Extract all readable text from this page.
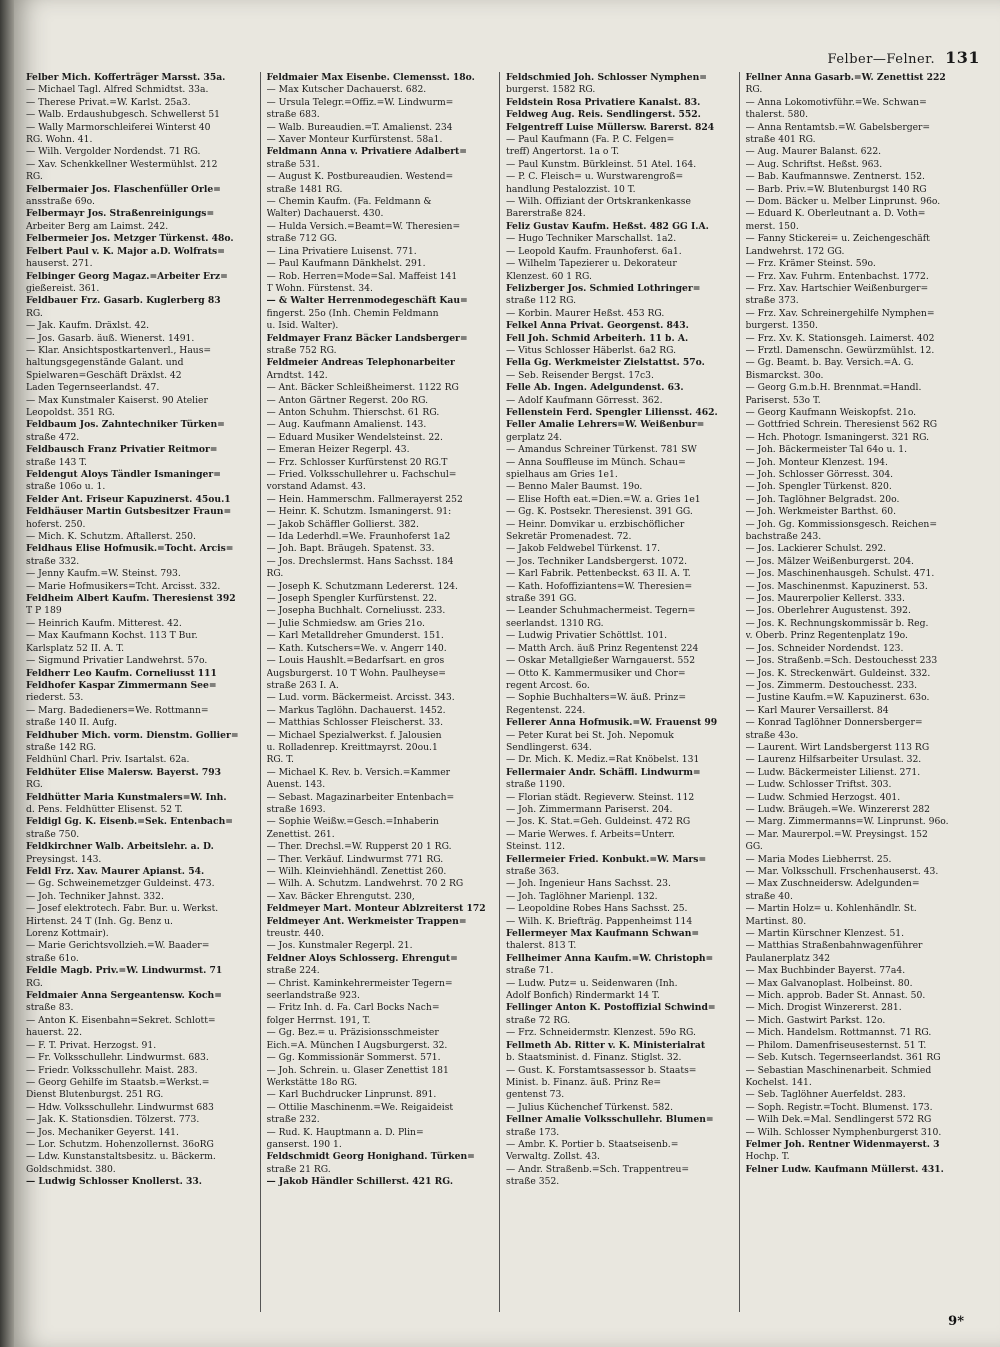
Felber—Felner. 131
Felber Mich. Kofferträger Marsst. 35a.
— Michael Tagl. Alfred Schmidtst. 33a.
— Therese Privat.=W. Karlst. 25a3.
— Walb. Erdaushubgesch. Schwellerst 51
— Wally Marmorschleiferei Winterst 40
RG. Wohn. 41.
— Wilh. Vergolder Nordendst. 71 RG.
— Xav. Schenkkellner Westermühlst. 212
RG.
Felbermaier Jos. Flaschenfüller Orle=
ansstraße 69o.
Felbermayr Jos. Straßenreinigungs=
Arbeiter Berg am Laimst. 242.
Felbermeier Jos. Metzger Türkenst. 48o.
Felbert Paul v. K. Major a.D. Wolfrats=
hauserst. 271.
Felbinger Georg Magaz.=Arbeiter Erz=
gießereist. 361.
Feldbauer Frz. Gasarb. Kuglerberg 83
RG.
— Jak. Kaufm. Dräxlst. 42.
— Jos. Gasarb. äuß. Wienerst. 1491.
— Klar. Ansichtspostkartenverl., Haus=
haltungsgegenstände Galant. und
Spielwaren=Geschäft Dräxlst. 42
Laden Tegernseerlandst. 47.
— Max Kunstmaler Kaiserst. 90 Atelier
Leopoldst. 351 RG.
Feldbaum Jos. Zahntechniker Türken=
straße 472.
Feldbausch Franz Privatier Reitmor=
straße 143 T.
Feldengut Aloys Tändler Ismaninger=
straße 106o u. 1.
Felder Ant. Friseur Kapuzinerst. 45ou.1
Feldhäuser Martin Gutsbesitzer Fraun=
hoferst. 250.
— Mich. K. Schutzm. Aftallerst. 250.
Feldhaus Elise Hofmusik.=Tocht. Arcis=
straße 332.
— Jenny Kaufm.=W. Steinst. 793.
— Marie Hofmusikers=Tcht. Arcisst. 332.
Feldheim Albert Kaufm. Theresienst 392
T P 189
— Heinrich Kaufm. Mitterest. 42.
— Max Kaufmann Kochst. 113 T Bur.
Karlsplatz 52 II. A. T.
— Sigmund Privatier Landwehrst. 57o.
Feldherr Leo Kaufm. Corneliusst 111
Feldhofer Kaspar Zimmermann See=
riederst. 53.
— Marg. Badedieners=We. Rottmann=
straße 140 II. Aufg.
Feldhuber Mich. vorm. Dienstm. Gollier=
straße 142 RG.
Feldhünl Charl. Priv. Isartalst. 62a.
Feldhüter Elise Malersw. Bayerst. 793
RG.
Feldhütter Maria Kunstmalers=W. Inh.
d. Pens. Feldhütter Elisenst. 52 T.
Feldigl Gg. K. Eisenb.=Sek. Entenbach=
straße 750.
Feldkirchner Walb. Arbeitslehr. a. D.
Preysingst. 143.
Feldl Frz. Xav. Maurer Apianst. 54.
— Gg. Schweinemetzger Guldeinst. 473.
— Joh. Techniker Jahnst. 332.
— Josef elektrotech. Fabr. Bur. u. Werkst.
Hirtenst. 24 T (Inh. Gg. Benz u.
Lorenz Kottmair).
— Marie Gerichtsvollzieh.=W. Baader=
straße 61o.
Feldle Magb. Priv.=W. Lindwurmst. 71
RG.
Feldmaier Anna Sergeantensw. Koch=
straße 83.
— Anton K. Eisenbahn=Sekret. Schlott=
hauerst. 22.
— F. T. Privat. Herzogst. 91.
— Fr. Volksschullehr. Lindwurmst. 683.
— Friedr. Volksschullehr. Maist. 283.
— Georg Gehilfe im Staatsb.=Werkst.=
Dienst Blutenburgst. 251 RG.
— Hdw. Volksschullehr. Lindwurmst 683
— Jak. K. Stationsdien. Tölzerst. 773.
— Jos. Mechaniker Geyerst. 141.
— Lor. Schutzm. Hohenzollernst. 36oRG
— Ldw. Kunstanstaltsbesitz. u. Bäckerm.
Goldschmidst. 380.
— Ludwig Schlosser Knollerst. 33.
Feldmaier Max Eisenbe. Clemensst. 18o.
— Max Kutscher Dachauerst. 682.
— Ursula Telegr.=Offiz.=W. Lindwurm=
straße 683.
— Walb. Bureaudien.=T. Amalienst. 234
— Xaver Monteur Kurfürstenst. 58a1.
Feldmann Anna v. Privatiere Adalbert=
straße 531.
— August K. Postbureaudien. Westend=
straße 1481 RG.
— Chemin Kaufm. (Fa. Feldmann &
Walter) Dachauerst. 430.
— Hulda Versich.=Beamt=W. Theresien=
straße 712 GG.
— Lina Privatiere Luisenst. 771.
— Paul Kaufmann Dänkhelst. 291.
— Rob. Herren=Mode=Sal. Maffeist 141
T Wohn. Fürstenst. 34.
— & Walter Herrenmodegeschäft Kau=
fingerst. 25o (Inh. Chemin Feldmann
u. Isid. Walter).
Feldmayer Franz Bäcker Landsberger=
straße 752 RG.
Feldmeier Andreas Telephonarbeiter
Arndtst. 142.
— Ant. Bäcker Schleißheimerst. 1122 RG
— Anton Gärtner Regerst. 20o RG.
— Anton Schuhm. Thierschst. 61 RG.
— Aug. Kaufmann Amalienst. 143.
— Eduard Musiker Wendelsteinst. 22.
— Emeran Heizer Regerpl. 43.
— Frz. Schlosser Kurfürstenst 20 RG.T
— Fried. Volksschullehrer u. Fachschul=
vorstand Adamst. 43.
— Hein. Hammerschm. Fallmerayerst 252
— Heinr. K. Schutzm. Ismaningerst. 91:
— Jakob Schäffler Gollierst. 382.
— Ida Lederhdl.=We. Fraunhoferst 1a2
— Joh. Bapt. Bräugeh. Spatenst. 33.
— Jos. Drechslermst. Hans Sachsst. 184
RG.
— Joseph K. Schutzmann Ledererst. 124.
— Joseph Spengler Kurfürstenst. 22.
— Josepha Buchhalt. Corneliusst. 233.
— Julie Schmiedsw. am Gries 21o.
— Karl Metalldreher Gmunderst. 151.
— Kath. Kutschers=We. v. Angerr 140.
— Louis Haushlt.=Bedarfsart. en gros
Augsburgerst. 10 T Wohn. Paulheyse=
straße 263 I. A.
— Lud. vorm. Bäckermeist. Arcisst. 343.
— Markus Taglöhn. Dachauerst. 1452.
— Matthias Schlosser Fleischerst. 33.
— Michael Spezialwerkst. f. Jalousien
u. Rolladenrep. Kreittmayrst. 20ou.1
RG. T.
— Michael K. Rev. b. Versich.=Kammer
Auenst. 143.
— Sebast. Magazinarbeiter Entenbach=
straße 1693.
— Sophie Weißw.=Gesch.=Inhaberin
Zenettist. 261.
— Ther. Drechsl.=W. Rupperst 20 1 RG.
— Ther. Verkäuf. Lindwurmst 771 RG.
— Wilh. Kleinviehhändl. Zenettist 260.
— Wilh. A. Schutzm. Landwehrst. 70 2 RG
— Xav. Bäcker Ehrengutst. 230,
Feldmeyer Mart. Monteur Ablzreiterst 172
Feldmeyer Ant. Werkmeister Trappen=
treustr. 440.
— Jos. Kunstmaler Regerpl. 21.
Feldner Aloys Schlosserg. Ehrengut=
straße 224.
— Christ. Kaminkehrermeister Tegern=
seerlandstraße 923.
— Fritz Inh. d. Fa. Carl Bocks Nach=
folger Herrnst. 191, T.
— Gg. Bez.= u. Präzisionsschmeister
Eich.=A. München I Augsburgerst. 32.
— Gg. Kommissionär Sommerst. 571.
— Joh. Schrein. u. Glaser Zenettist 181
Werkstätte 18o RG.
— Karl Buchdrucker Linprunst. 891.
— Ottilie Maschinenm.=We. Reigaideist
straße 232.
— Rud. K. Hauptmann a. D. Plin=
ganserst. 190 1.
Feldschmidt Georg Honighand. Türken=
straße 21 RG.
— Jakob Händler Schillerst. 421 RG.
Feldschmied Joh. Schlosser Nymphen=
burgerst. 1582 RG.
Feldstein Rosa Privatiere Kanalst. 83.
Feldweg Aug. Reis. Sendlingerst. 552.
Felgentreff Luise Müllersw. Barerst. 824
— Paul Kaufmann (Fa. P. C. Felgen=
treff) Angertorst. 1a o T.
— Paul Kunstm. Bürkleinst. 51 Atel. 164.
— P. C. Fleisch= u. Wurstwarengroß=
handlung Pestalozzist. 10 T.
— Wilh. Offiziant der Ortskrankenkasse
Barerstraße 824.
Feliz Gustav Kaufm. Heßst. 482 GG I.A.
— Hugo Techniker Marschallst. 1a2.
— Leopold Kaufm. Fraunhoferst. 6a1.
— Wilhelm Tapezierer u. Dekorateur
Klenzest. 60 1 RG.
Felizberger Jos. Schmied Lothringer=
straße 112 RG.
— Korbin. Maurer Heßst. 453 RG.
Felkel Anna Privat. Georgenst. 843.
Fell Joh. Schmid Arbeiterh. 11 b. A.
— Vitus Schlosser Häberlst. 6a2 RG.
Fella Gg. Werkmeister Zielstattst. 57o.
— Seb. Reisender Bergst. 17c3.
Felle Ab. Ingen. Adelgundenst. 63.
— Adolf Kaufmann Görresst. 362.
Fellenstein Ferd. Spengler Liliensst. 462.
Feller Amalie Lehrers=W. Weißenbur=
gerplatz 24.
— Amandus Schreiner Türkenst. 781 SW
— Anna Souffleuse im Münch. Schau=
spielhaus am Gries 1e1.
— Benno Maler Baumst. 19o.
— Elise Hofth eat.=Dien.=W. a. Gries 1e1
— Gg. K. Postsekr. Theresienst. 391 GG.
— Heinr. Domvikar u. erzbischöflicher
Sekretär Promenadest. 72.
— Jakob Feldwebel Türkenst. 17.
— Jos. Techniker Landsbergerst. 1072.
— Karl Fabrik. Pettenbeckst. 63 II. A. T.
— Kath. Hofoffiziantens=W. Theresien=
straße 391 GG.
— Leander Schuhmachermeist. Tegern=
seerlandst. 1310 RG.
— Ludwig Privatier Schöttlst. 101.
— Matth Arch. äuß Prinz Regentenst 224
— Oskar Metallgießer Warngauerst. 552
— Otto K. Kammermusiker und Chor=
regent Arcost. 6o.
— Sophie Buchhalters=W. äuß. Prinz=
Regentenst. 224.
Fellerer Anna Hofmusik.=W. Frauenst 99
— Peter Kurat bei St. Joh. Nepomuk
Sendlingerst. 634.
— Dr. Mich. K. Mediz.=Rat Knöbelst. 131
Fellermaier Andr. Schäffl. Lindwurm=
straße 1190.
— Florian städt. Regieverw. Steinst. 112
— Joh. Zimmermann Pariserst. 204.
— Jos. K. Stat.=Geh. Guldeinst. 472 RG
— Marie Werwes. f. Arbeits=Unterr.
Steinst. 112.
Fellermeier Fried. Konbukt.=W. Mars=
straße 363.
— Joh. Ingenieur Hans Sachsst. 23.
— Joh. Taglöhner Marienpl. 132.
— Leopoldine Robes Hans Sachsst. 25.
— Wilh. K. Briefträg. Pappenheimst 114
Fellermeyer Max Kaufmann Schwan=
thalerst. 813 T.
Fellheimer Anna Kaufm.=W. Christoph=
straße 71.
— Ludw. Putz= u. Seidenwaren (Inh.
Adolf Bonfich) Rindermarkt 14 T.
Fellinger Anton K. Postoffizial Schwind=
straße 72 RG.
— Frz. Schneidermstr. Klenzest. 59o RG.
Fellmeth Ab. Ritter v. K. Ministerialrat
b. Staatsminist. d. Finanz. Stiglst. 32.
— Gust. K. Forstamtsassessor b. Staats=
Minist. b. Finanz. äuß. Prinz Re=
gentenst 73.
— Julius Küchenchef Türkenst. 582.
Fellner Amalie Volksschullehr. Blumen=
straße 173.
— Ambr. K. Portier b. Staatseisenb.=
Verwaltg. Zollst. 43.
— Andr. Straßenb.=Sch. Trappentreu=
straße 352.
Fellner Anna Gasarb.=W. Zenettist 222
RG.
— Anna Lokomotivführ.=We. Schwan=
thalerst. 580.
— Anna Rentamtsb.=W. Gabelsberger=
straße 401 RG.
— Aug. Maurer Balanst. 622.
— Aug. Schriftst. Heßst. 963.
— Bab. Kaufmannswe. Zentnerst. 152.
— Barb. Priv.=W. Blutenburgst 140 RG
— Dom. Bäcker u. Melber Linprunst. 96o.
— Eduard K. Oberleutnant a. D. Voth=
merst. 150.
— Fanny Stickerei= u. Zeichengeschäft
Landwehrst. 172 GG.
— Frz. Krämer Steinst. 59o.
— Frz. Xav. Fuhrm. Entenbachst. 1772.
— Frz. Xav. Hartschier Weißenburger=
straße 373.
— Frz. Xav. Schreinergehilfe Nymphen=
burgerst. 1350.
— Frz. Xv. K. Stationsgeh. Laimerst. 402
— Frztl. Damenschn. Gewürzmühlst. 12.
— Gg. Beamt. b. Bay. Versich.=A. G.
Bismarckst. 30o.
— Georg G.m.b.H. Brennmat.=Handl.
Pariserst. 53o T.
— Georg Kaufmann Weiskopfst. 21o.
— Gottfried Schrein. Theresienst 562 RG
— Hch. Photogr. Ismaningerst. 321 RG.
— Joh. Bäckermeister Tal 64o u. 1.
— Joh. Monteur Klenzest. 194.
— Joh. Schlosser Görresst. 304.
— Joh. Spengler Türkenst. 820.
— Joh. Taglöhner Belgradst. 20o.
— Joh. Werkmeister Barthst. 60.
— Joh. Gg. Kommissionsgesch. Reichen=
bachstraße 243.
— Jos. Lackierer Schulst. 292.
— Jos. Mälzer Weißenburgerst. 204.
— Jos. Maschinenhausgeh. Schulst. 471.
— Jos. Maschinenmst. Kapuzinerst. 53.
— Jos. Maurerpolier Kellerst. 333.
— Jos. Oberlehrer Augustenst. 392.
— Jos. K. Rechnungskommissär b. Reg.
v. Oberb. Prinz Regentenplatz 19o.
— Jos. Schneider Nordendst. 123.
— Jos. Straßenb.=Sch. Destouchesst 233
— Jos. K. Streckenwärt. Guldeinst. 332.
— Jos. Zimmerm. Destouchesst. 233.
— Justine Kaufm.=W. Kapuzinerst. 63o.
— Karl Maurer Versaillerst. 84
— Konrad Taglöhner Donnersberger=
straße 43o.
— Laurent. Wirt Landsbergerst 113 RG
— Laurenz Hilfsarbeiter Ursulast. 32.
— Ludw. Bäckermeister Lilienst. 271.
— Ludw. Schlosser Triftst. 303.
— Ludw. Schmied Herzogst. 401.
— Ludw. Bräugeh.=We. Winzererst 282
— Marg. Zimmermanns=W. Linprunst. 96o.
— Mar. Maurerpol.=W. Preysingst. 152
GG.
— Maria Modes Liebherrst. 25.
— Mar. Volksschull. Frschenhauserst. 43.
— Max Zuschneidersw. Adelgunden=
straße 40.
— Martin Holz= u. Kohlenhändlr. St.
Martinst. 80.
— Martin Kürschner Klenzest. 51.
— Matthias Straßenbahnwagenführer
Paulanerplatz 342
— Max Buchbinder Bayerst. 77a4.
— Max Galvanoplast. Holbeinst. 80.
— Mich. approb. Bader St. Annast. 50.
— Mich. Drogist Winzererst. 281.
— Mich. Gastwirt Parkst. 12o.
— Mich. Handelsm. Rottmannst. 71 RG.
— Philom. Damenfriseusesternst. 51 T.
— Seb. Kutsch. Tegernseerlandst. 361 RG
— Sebastian Maschinenarbeit. Schmied
Kochelst. 141.
— Seb. Taglöhner Auerfeldst. 283.
— Soph. Registr.=Tocht. Blumenst. 173.
— Wilh Dek.=Mal. Sendlingerst 572 RG
— Wilh. Schlosser Nymphenburgerst 310.
Felmer Joh. Rentner Widenmayerst. 3
Hochp. T.
Felner Ludw. Kaufmann Müllerst. 431.
9*
